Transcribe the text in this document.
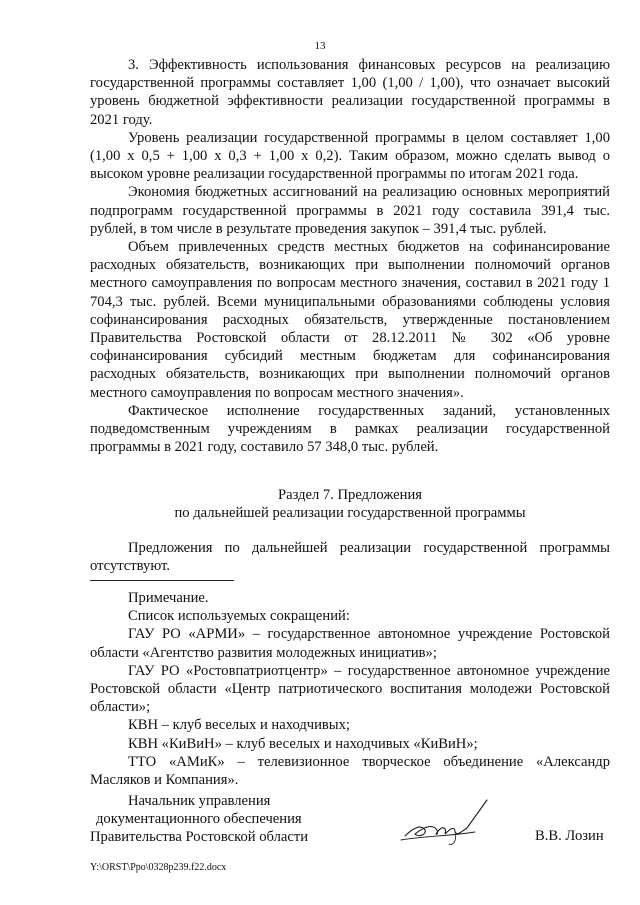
13

3. Эффективность использования финансовых ресурсов на реализацию государственной программы составляет 1,00 (1,00 / 1,00), что означает высокий уровень бюджетной эффективности реализации государственной программы в 2021 году.

Уровень реализации государственной программы в целом составляет 1,00 (1,00 х 0,5 + 1,00 х 0,3 + 1,00 х 0,2). Таким образом, можно сделать вывод о высоком уровне реализации государственной программы по итогам 2021 года.

Экономия бюджетных ассигнований на реализацию основных мероприятий подпрограмм государственной программы в 2021 году составила 391,4 тыс. рублей, в том числе в результате проведения закупок – 391,4 тыс. рублей.

Объем привлеченных средств местных бюджетов на софинансирование расходных обязательств, возникающих при выполнении полномочий органов местного самоуправления по вопросам местного значения, составил в 2021 году 1 704,3 тыс. рублей. Всеми муниципальными образованиями соблюдены условия софинансирования расходных обязательств, утвержденные постановлением Правительства Ростовской области от 28.12.2011 № 302 «Об уровне софинансирования субсидий местным бюджетам для софинансирования расходных обязательств, возникающих при выполнении полномочий органов местного самоуправления по вопросам местного значения».

Фактическое исполнение государственных заданий, установленных подведомственным учреждениям в рамках реализации государственной программы в 2021 году, составило 57 348,0 тыс. рублей.

Раздел 7. Предложения
по дальнейшей реализации государственной программы

Предложения по дальнейшей реализации государственной программы отсутствуют.

Примечание.

Список используемых сокращений:

ГАУ РО «АРМИ» – государственное автономное учреждение Ростовской области «Агентство развития молодежных инициатив»;

ГАУ РО «Ростовпатриотцентр» – государственное автономное учреждение Ростовской области «Центр патриотического воспитания молодежи Ростовской области»;

КВН – клуб веселых и находчивых;

КВН «КиВиН» – клуб веселых и находчивых «КиВиН»;

ТТО «АМиК» – телевизионное творческое объединение «Александр Масляков и Компания».

Начальник управления
документационного обеспечения
Правительства Ростовской области	В.В. Лозин
Y:\ORST\Ppo\0328p239.f22.docx
